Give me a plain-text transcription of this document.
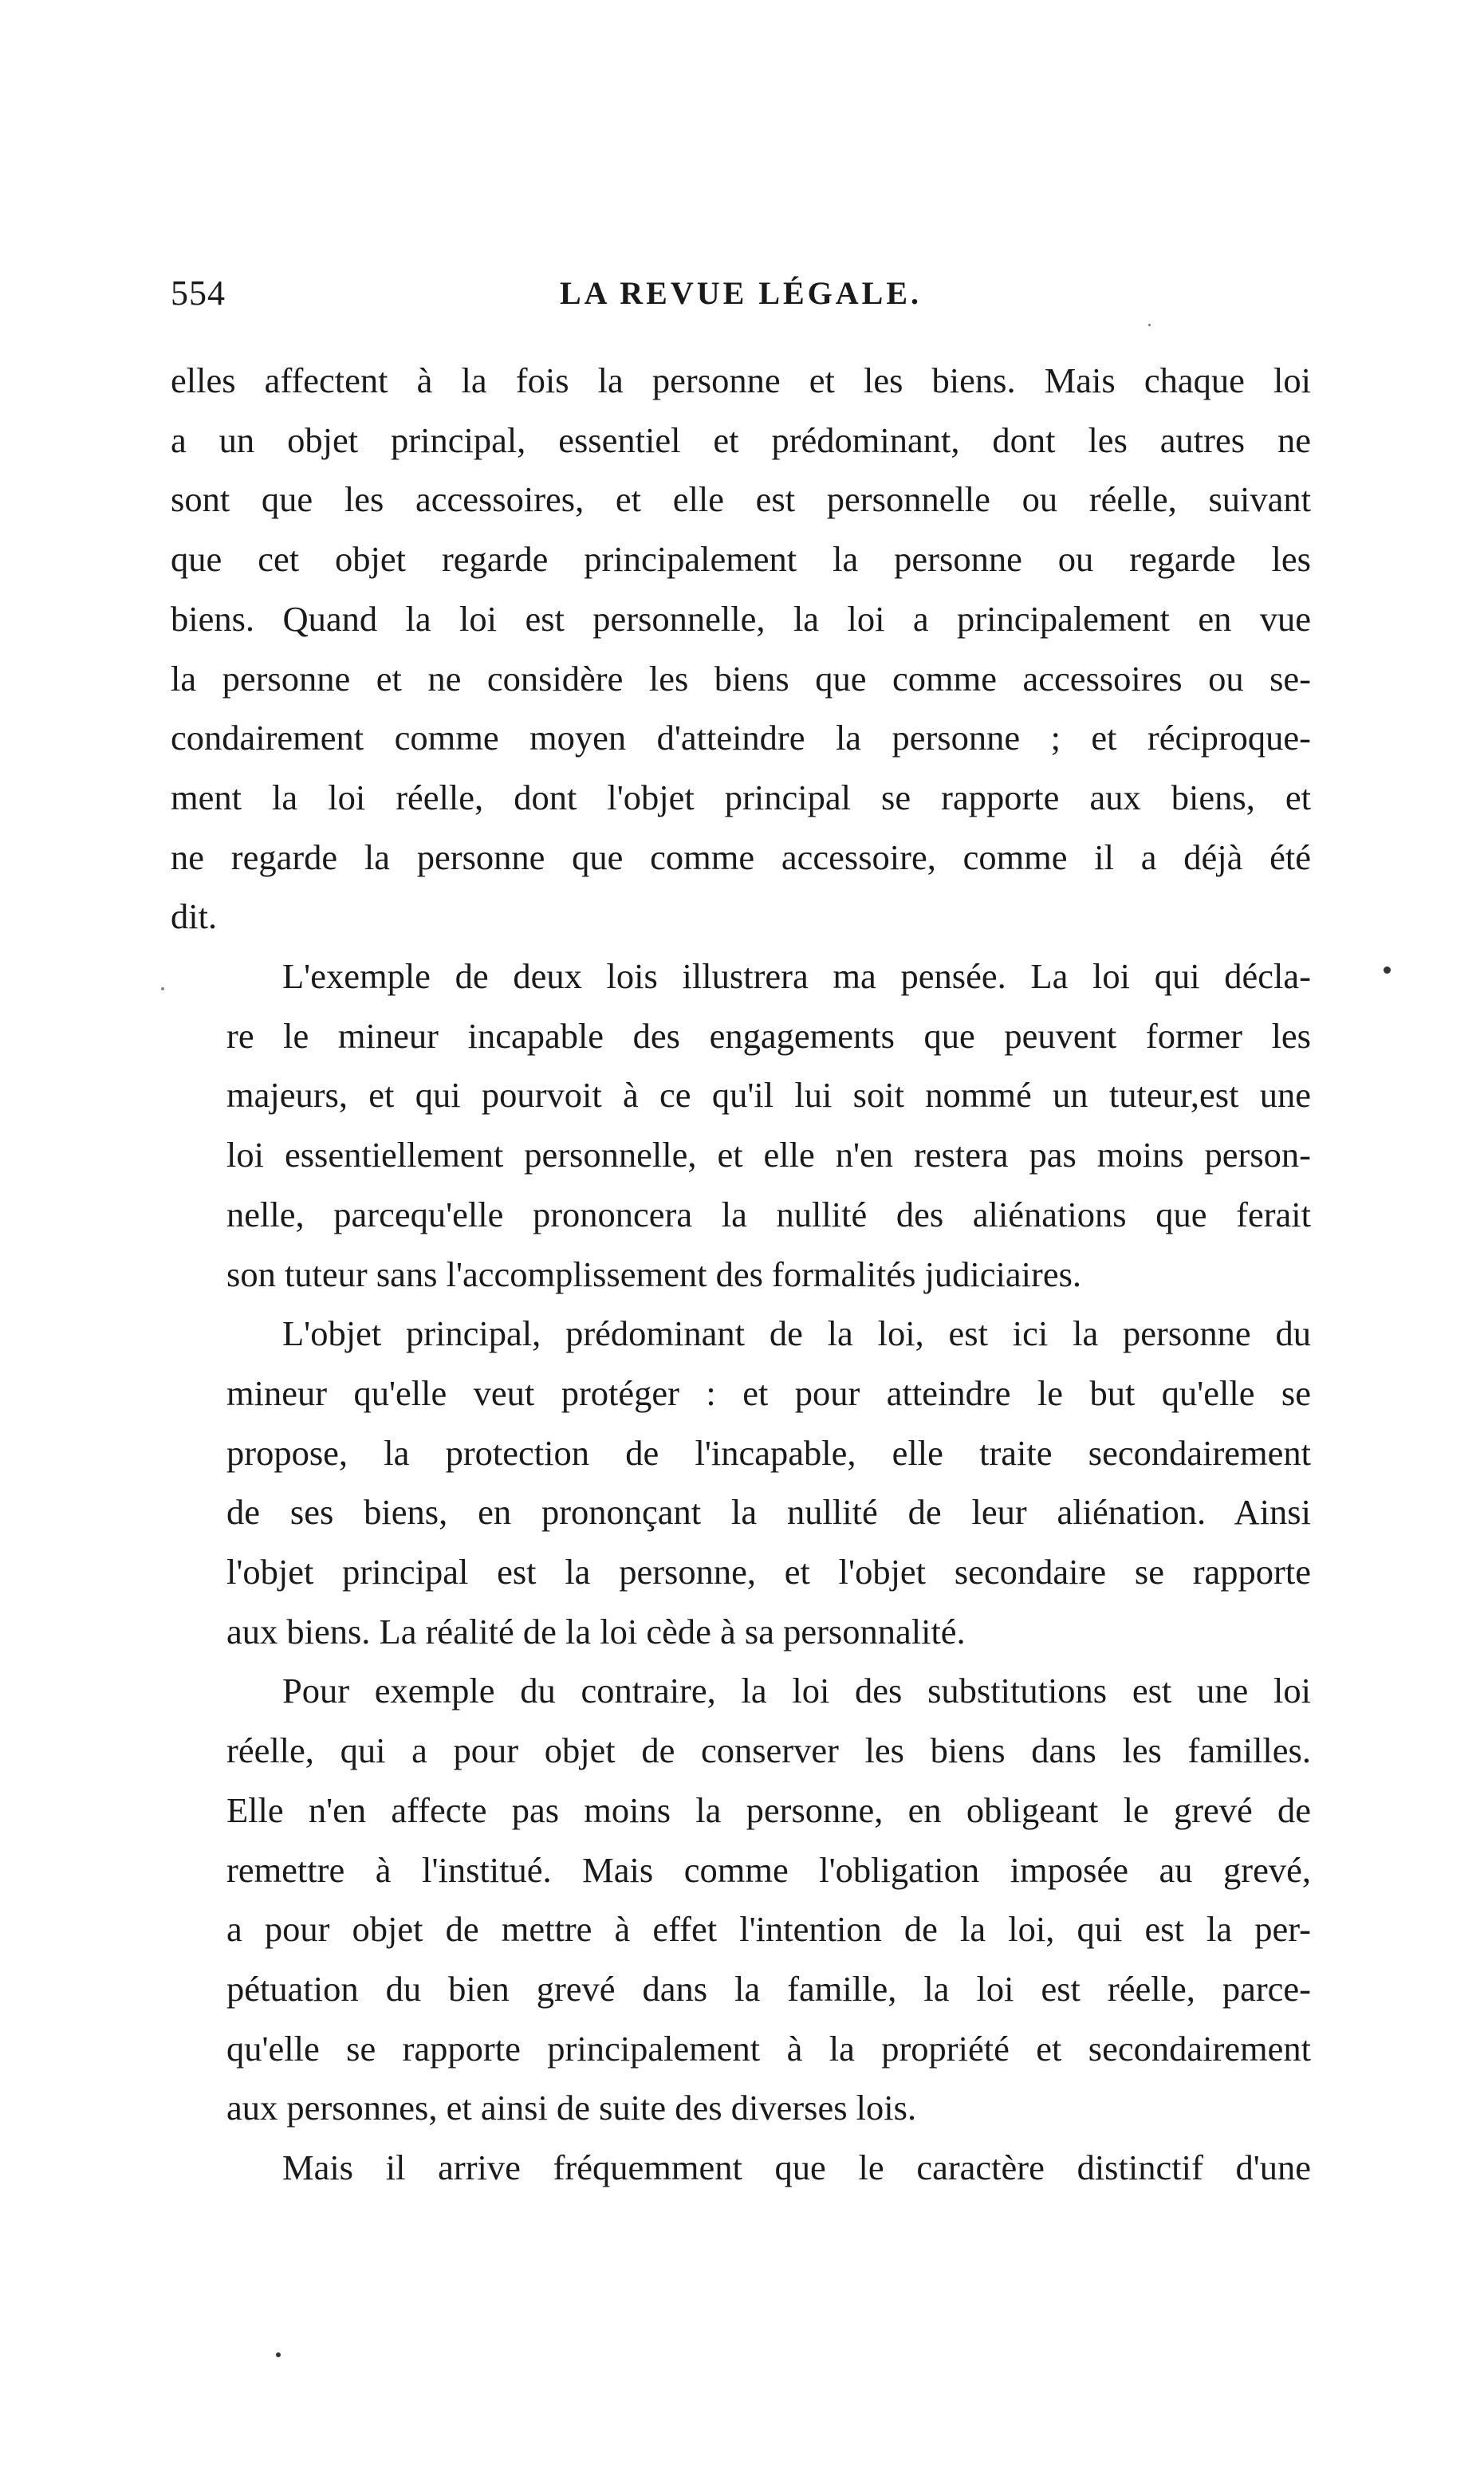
554	LA REVUE LÉGALE.
elles affectent à la fois la personne et les biens. Mais chaque loi
a un objet principal, essentiel et prédominant, dont les autres ne
sont que les accessoires, et elle est personnelle ou réelle, suivant
que cet objet regarde principalement la personne ou regarde les
biens. Quand la loi est personnelle, la loi a principalement en vue
la personne et ne considère les biens que comme accessoires ou se-
condairement comme moyen d'atteindre la personne ; et réciproque-
ment la loi réelle, dont l'objet principal se rapporte aux biens, et
ne regarde la personne que comme accessoire, comme il a déjà été
dit.
L'exemple de deux lois illustrera ma pensée. La loi qui décla-
re le mineur incapable des engagements que peuvent former les
majeurs, et qui pourvoit à ce qu'il lui soit nommé un tuteur,est une
loi essentiellement personnelle, et elle n'en restera pas moins person-
nelle, parcequ'elle prononcera la nullité des aliénations que ferait
son tuteur sans l'accomplissement des formalités judiciaires.
L'objet principal, prédominant de la loi, est ici la personne du
mineur qu'elle veut protéger : et pour atteindre le but qu'elle se
propose, la protection de l'incapable, elle traite secondairement
de ses biens, en prononçant la nullité de leur aliénation. Ainsi
l'objet principal est la personne, et l'objet secondaire se rapporte
aux biens. La réalité de la loi cède à sa personnalité.
Pour exemple du contraire, la loi des substitutions est une loi
réelle, qui a pour objet de conserver les biens dans les familles.
Elle n'en affecte pas moins la personne, en obligeant le grevé de
remettre à l'institué. Mais comme l'obligation imposée au grevé,
a pour objet de mettre à effet l'intention de la loi, qui est la per-
pétuation du bien grevé dans la famille, la loi est réelle, parce-
qu'elle se rapporte principalement à la propriété et secondairement
aux personnes, et ainsi de suite des diverses lois.
Mais il arrive fréquemment que le caractère distinctif d'une
